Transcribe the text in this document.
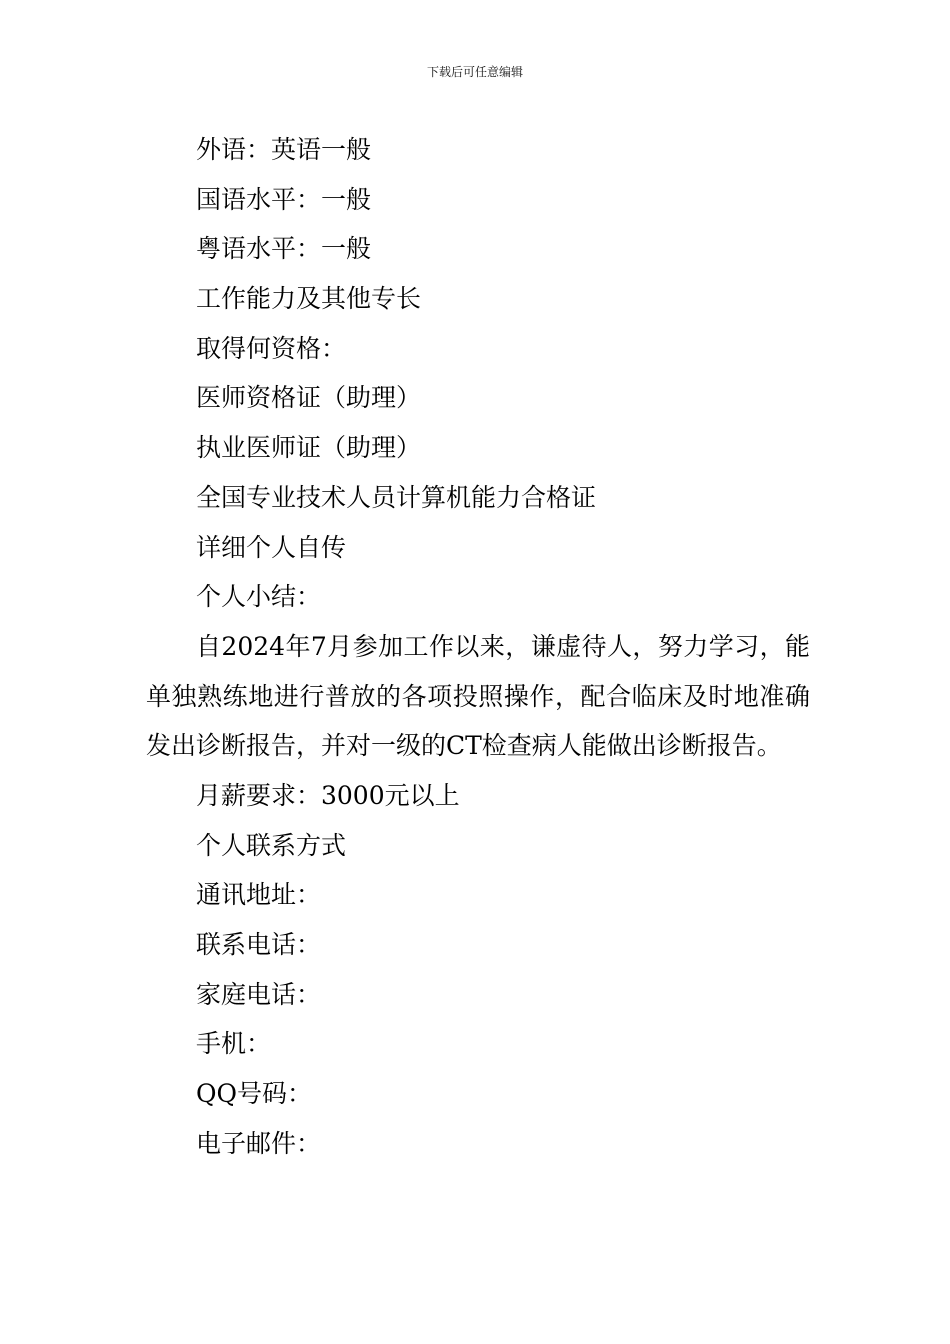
下载后可任意编辑
外语：英语一般
国语水平：一般
粤语水平：一般
工作能力及其他专长
取得何资格：
医师资格证（助理）
执业医师证（助理）
全国专业技术人员计算机能力合格证
详细个人自传
个人小结：

自2024年7月参加工作以来，谦虚待人，努力学习，能单独熟练地进行普放的各项投照操作，配合临床及时地准确发出诊断报告，并对一级的CT检查病人能做出诊断报告。

月薪要求：3000元以上
个人联系方式
通讯地址：
联系电话：
家庭电话：
手机：
QQ号码：
电子邮件：
